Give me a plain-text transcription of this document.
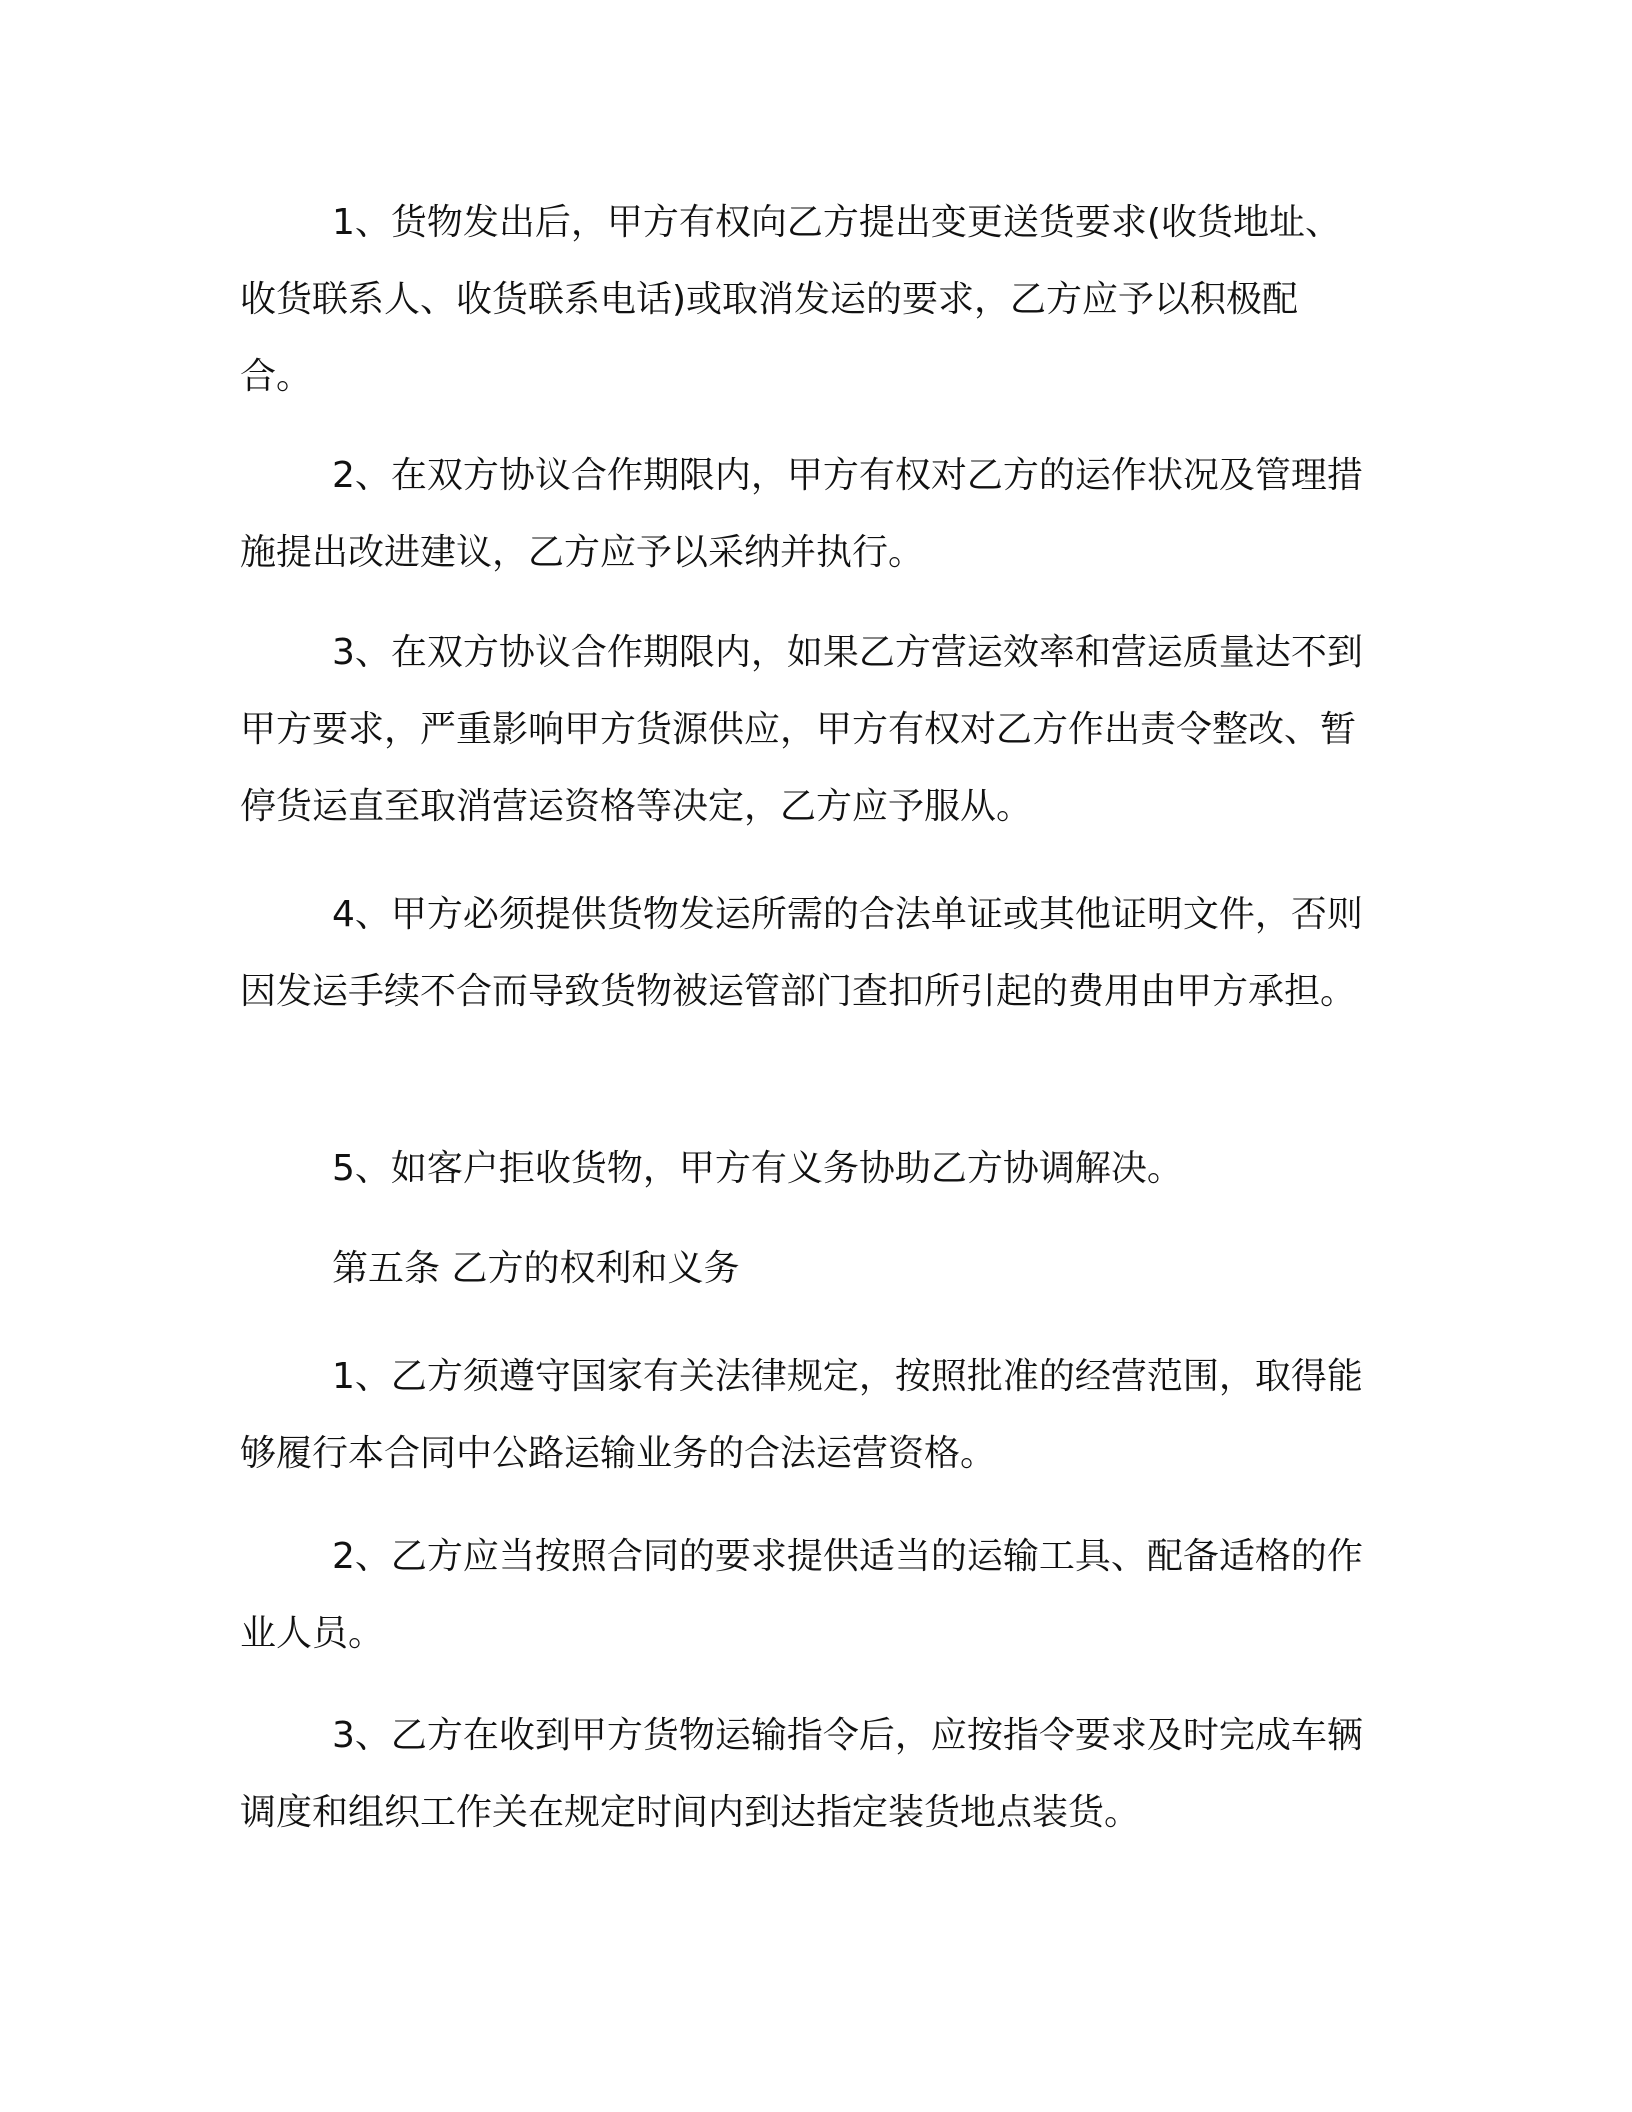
1、货物发出后，甲方有权向乙方提出变更送货要求(收货地址、收货联系人、收货联系电话)或取消发运的要求，乙方应予以积极配合。

2、在双方协议合作期限内，甲方有权对乙方的运作状况及管理措施提出改进建议，乙方应予以采纳并执行。

3、在双方协议合作期限内，如果乙方营运效率和营运质量达不到甲方要求，严重影响甲方货源供应，甲方有权对乙方作出责令整改、暂停货运直至取消营运资格等决定，乙方应予服从。

4、甲方必须提供货物发运所需的合法单证或其他证明文件，否则因发运手续不合而导致货物被运管部门查扣所引起的费用由甲方承担。

5、如客户拒收货物，甲方有义务协助乙方协调解决。

第五条 乙方的权利和义务

1、乙方须遵守国家有关法律规定，按照批准的经营范围，取得能够履行本合同中公路运输业务的合法运营资格。

2、乙方应当按照合同的要求提供适当的运输工具、配备适格的作业人员。

3、乙方在收到甲方货物运输指令后，应按指令要求及时完成车辆调度和组织工作关在规定时间内到达指定装货地点装货。
